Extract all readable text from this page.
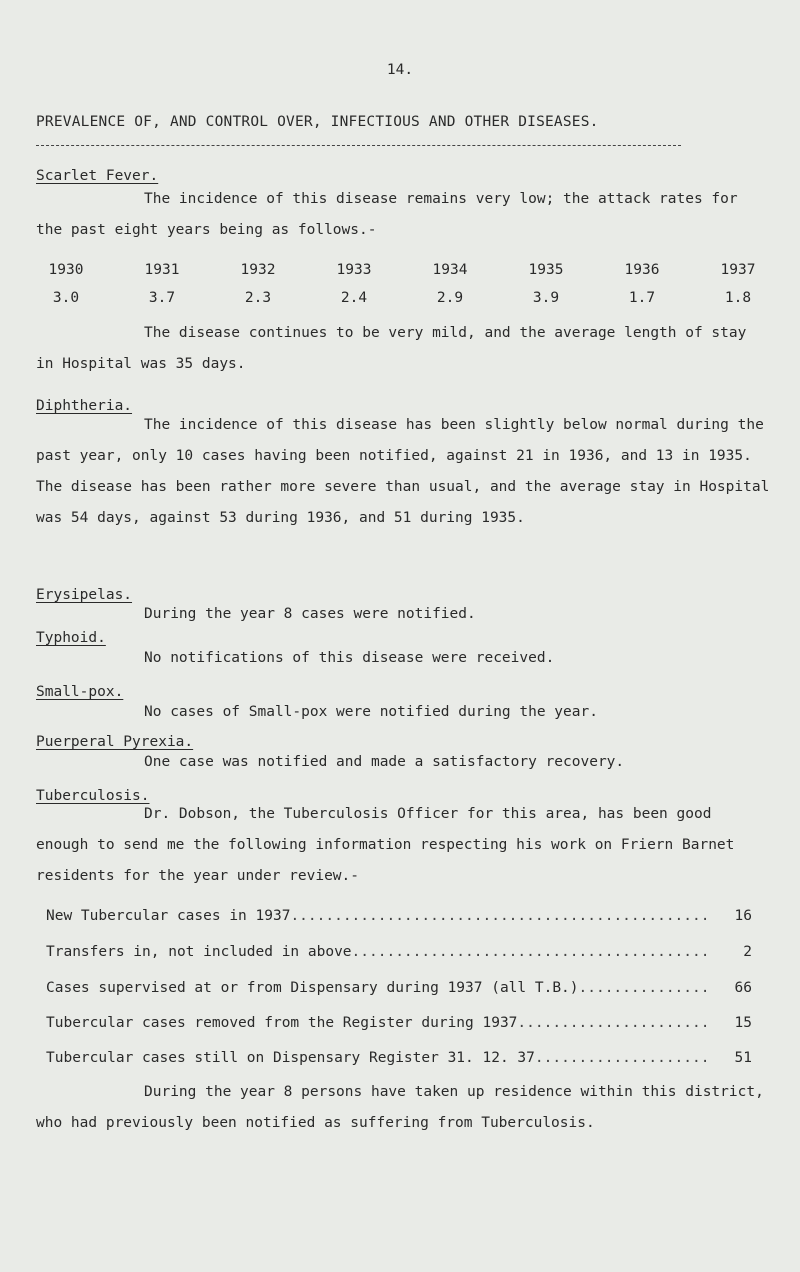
14.
PREVALENCE OF, AND CONTROL OVER, INFECTIOUS AND OTHER DISEASES.
Scarlet Fever.
The incidence of this disease remains very low; the attack rates for the past eight years being as follows.-
1930	1931	1932	1933	1934	1935	1936	1937
3.0	3.7	2.3	2.4	2.9	3.9	1.7	1.8
The disease continues to be very mild, and the average length of stay in Hospital was 35 days.
Diphtheria.
The incidence of this disease has been slightly below normal during the past year, only 10 cases having been notified, against 21 in 1936, and 13 in 1935. The disease has been rather more severe than usual, and the average stay in Hospital was 54 days, against 53 during 1936, and 51 during 1935.
Erysipelas.
During the year 8 cases were notified.
Typhoid.
No notifications of this disease were received.
Small-pox.
No cases of Small-pox were notified during the year.
Puerperal Pyrexia.
One case was notified and made a satisfactory recovery.
Tuberculosis.
Dr. Dobson, the Tuberculosis Officer for this area, has been good enough to send me the following information respecting his work on Friern Barnet residents for the year under review.-
New Tubercular cases in 1937 .....	16
Transfers in, not included in above .....	2
Cases supervised at or from Dispensary during 1937 (all T.B.) .....	66
Tubercular cases removed from the Register during 1937 .....	15
Tubercular cases still on Dispensary Register 31. 12. 37 .....	51
During the year 8 persons have taken up residence within this district, who had previously been notified as suffering from Tuberculosis.
